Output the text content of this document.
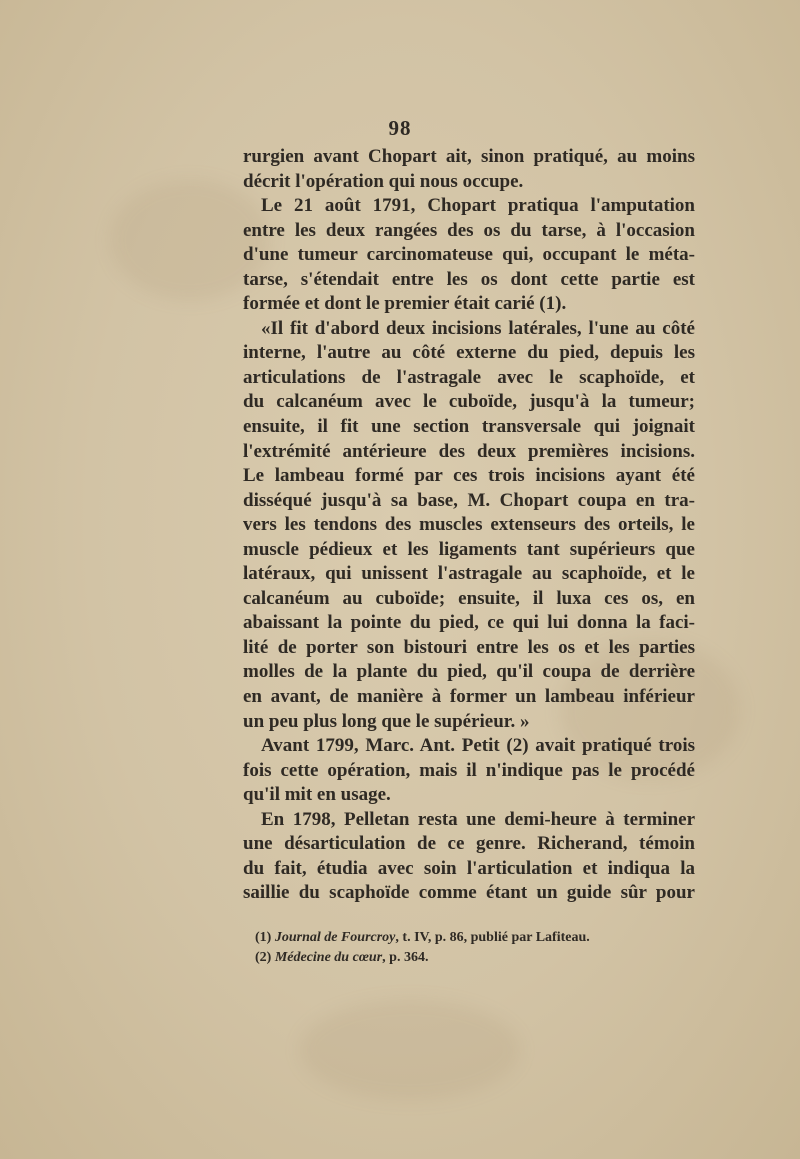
98
rurgien avant Chopart ait, sinon pratiqué, au moins
décrit l'opération qui nous occupe.
Le 21 août 1791, Chopart pratiqua l'amputation
entre les deux rangées des os du tarse, à l'occasion
d'une tumeur carcinomateuse qui, occupant le méta-
tarse, s'étendait entre les os dont cette partie est
formée et dont le premier était carié (1).
«Il fit d'abord deux incisions latérales, l'une au côté
interne, l'autre au côté externe du pied, depuis les
articulations de l'astragale avec le scaphoïde, et
du calcanéum avec le cuboïde, jusqu'à la tumeur;
ensuite, il fit une section transversale qui joignait
l'extrémité antérieure des deux premières incisions.
Le lambeau formé par ces trois incisions ayant été
disséqué jusqu'à sa base, M. Chopart coupa en tra-
vers les tendons des muscles extenseurs des orteils, le
muscle pédieux et les ligaments tant supérieurs que
latéraux, qui unissent l'astragale au scaphoïde, et le
calcanéum au cuboïde; ensuite, il luxa ces os, en
abaissant la pointe du pied, ce qui lui donna la faci-
lité de porter son bistouri entre les os et les parties
molles de la plante du pied, qu'il coupa de derrière
en avant, de manière à former un lambeau inférieur
un peu plus long que le supérieur. »
Avant 1799, Marc. Ant. Petit (2) avait pratiqué trois
fois cette opération, mais il n'indique pas le procédé
qu'il mit en usage.
En 1798, Pelletan resta une demi-heure à terminer
une désarticulation de ce genre. Richerand, témoin
du fait, étudia avec soin l'articulation et indiqua la
saillie du scaphoïde comme étant un guide sûr pour
(1) Journal de Fourcroy, t. IV, p. 86, publié par Lafiteau.
(2) Médecine du cœur, p. 364.
